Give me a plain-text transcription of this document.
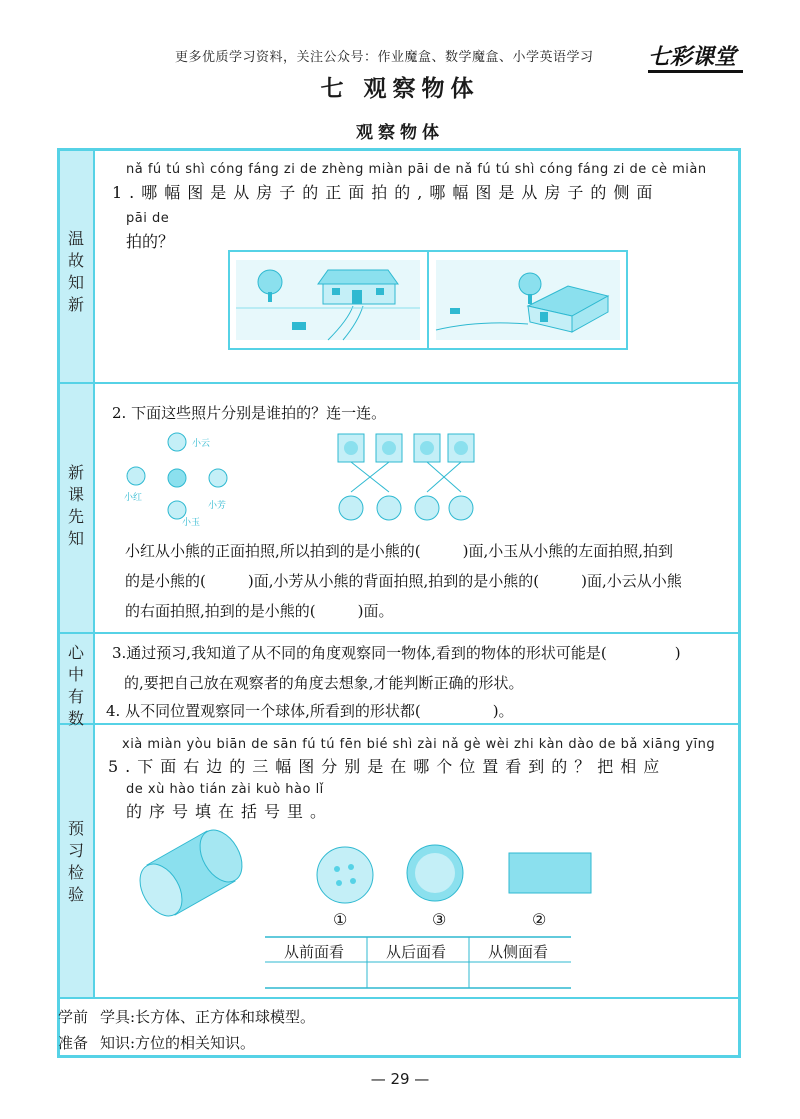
更多优质学习资料，关注公众号：作业魔盒、数学魔盒、小学英语学习 七彩课堂
七 观察物体
观察物体
温故知新
新课先知
心中有数
预习检验
nǎ fú tú shì cóng fáng zi de zhèng miàn pāi de nǎ fú tú shì cóng fáng zi de cè miàn
1.哪幅图是从房子的正面拍的,哪幅图是从房子的侧面
pāi de
拍的？
2. 下面这些照片分别是谁拍的？连一连。
小云
小红
小芳
小玉
小红从小熊的正面拍照,所以拍到的是小熊的(	)面,小玉从小熊的左面拍照,拍到
的是小熊的(	)面,小芳从小熊的背面拍照,拍到的是小熊的(	)面,小云从小熊
的右面拍照,拍到的是小熊的(	)面。
3.通过预习,我知道了从不同的角度观察同一物体,看到的物体的形状可能是(	)
的,要把自己放在观察者的角度去想象,才能判断正确的形状。
4. 从不同位置观察同一个球体,所看到的形状都(	)。
xià miàn yòu biān de sān fú tú fēn bié shì zài nǎ gè wèi zhi kàn dào de bǎ xiāng yīng
5.下面右边的三幅图分别是在哪个位置看到的？把相应
de xù hào tián zài kuò hào lǐ
的序号填在括号里。
①	③	②
从前面看	从后面看	从侧面看
学前
准备
学具:长方体、正方体和球模型。
知识:方位的相关知识。
— 29 —
